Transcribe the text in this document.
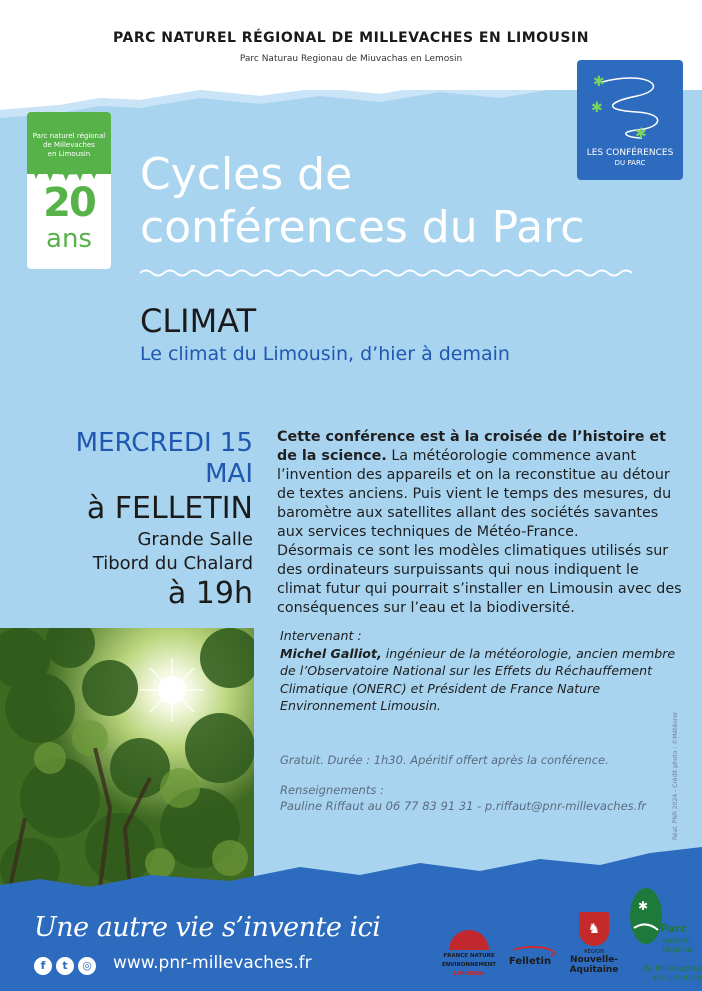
PARC NATUREL RÉGIONAL DE MILLEVACHES EN LIMOUSIN
Parc Naturau Regionau de Miuvachas en Lemosin
Parc naturel régional
de Millevaches
en Limousin
20
ans
✱
✱
✱
LES CONFÉRENCES
DU PARC
Cycles de
conférences du Parc
CLIMAT
Le climat du Limousin, d’hier à demain
MERCREDI 15
MAI
à FELLETIN
Grande Salle
Tibord du Chalard
à 19h
Cette conférence est à la croisée de l’histoire et de la science. La météorologie commence avant l’invention des appareils et on la reconstitue au détour de textes anciens. Puis vient le temps des mesures, du baromètre aux satellites allant des sociétés savantes aux services techniques de Météo-France.
Désormais ce sont les modèles climatiques utilisés sur des ordinateurs surpuissants qui nous indiquent le climat futur qui pourrait s’installer en Limousin avec des conséquences sur l’eau et la biodiversité.
Intervenant :
Michel Galliot, ingénieur de la météorologie, ancien membre de l’Observatoire National sur les Effets du Réchauffement Climatique (ONERC) et Président de France Nature Environnement Limousin.
Gratuit. Durée : 1h30. Apéritif offert après la conférence.
Renseignements :
Pauline Riffaut au 06 77 83 91 31 - p.riffaut@pnr-millevaches.fr	Réal. PNR 2024 - Crédit photo : ©Météorer
Une autre vie s’invente ici
f t ◎	www.pnr-millevaches.fr	FRANCE NATURE
ENVIRONNEMENT
LIMOUSIN
Felletin
♞
RÉGION
Nouvelle-
Aquitaine
✱
Parc
naturel
régional
de Millevaches
en Limousin
